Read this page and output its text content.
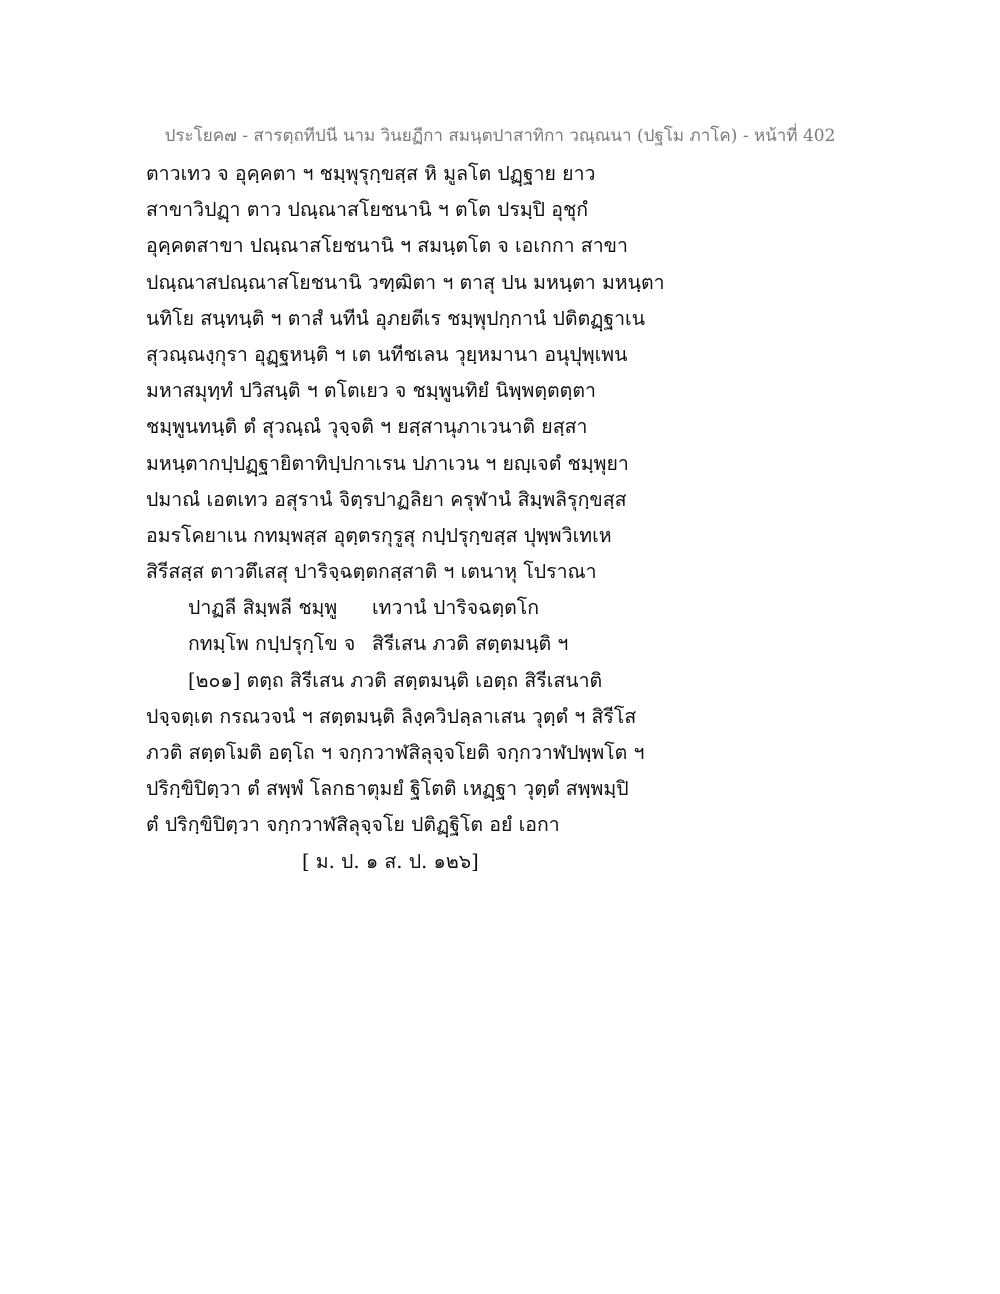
ประโยค๗ - สารตฺถทีปนี นาม วินยฏีกา สมนฺตปาสาทิกา วณฺณนา (ปฐโม ภาโค) - หน้าที่ 402
ตาวเทว จ อุคฺคตา ฯ ชมฺพุรุกฺขสฺส หิ มูลโต ปฏฺฐาย ยาว
สาขาวิปฏฺา ตาว ปณฺณาสโยชนานิ ฯ ตโต ปรมฺปิ อุชุกํ
อุคฺคตสาขา ปณฺณาสโยชนานิ ฯ สมนฺตโต จ เอเกกา สาขา
ปณฺณาสปณฺณาสโยชนานิ วฑฺฒิตา ฯ ตาสุ ปน มหนฺตา มหนฺตา
นทิโย สนฺทนฺติ ฯ ตาสํ นทีนํ อุภยตีเร ชมฺพุปกฺกานํ ปติตฏฺฐาเน
สุวณฺณงฺกุรา อุฏฺฐหนฺติ ฯ เต นทีชเลน วุยฺหมานา อนุปุพฺเพน
มหาสมุทฺทํ ปวิสนฺติ ฯ ตโตเยว จ ชมฺพูนทิยํ นิพฺพตฺตตฺตา
ชมฺพูนทนฺติ ตํ สุวณฺณํ วุจฺจติ ฯ ยสฺสานุภาเวนาติ ยสฺสา
มหนฺตากปฺปฏฺฐายิตาทิปฺปกาเรน ปภาเวน ฯ ยญฺเจตํ ชมฺพุยา
ปมาณํ เอตเทว อสุรานํ จิตฺรปาฏลิยา ครุฬานํ สิมฺพลิรุกฺขสฺส
อมรโคยาเน กทมฺพสฺส อุตฺตรกุรูสุ กปฺปรุกฺขสฺส ปุพฺพวิเทเห
สิรีสสฺส ตาวตึเสสุ ปาริจฺฉตฺตกสฺสาติ ฯ เตนาหุ โปราณา
ปาฏลี สิมฺพลี ชมฺพู	เทวานํ ปาริจฉตฺตโก
กทมฺโพ กปฺปรุกฺโข จ สิรีเสน ภวติ สตฺตมนฺติ ฯ
[๒๐๑] ตตฺถ สิรีเสน ภวติ สตฺตมนฺติ เอตฺถ สิรีเสนาติ
ปจฺจตฺเต กรณวจนํ ฯ สตฺตมนฺติ ลิงฺควิปลฺลาเสน วุตฺตํ ฯ สิรีโส
ภวติ สตฺตโมติ อตฺโถ ฯ จกฺกวาฬสิลุจฺจโยติ จกฺกวาฬปพฺพโต ฯ
ปริกฺขิปิตฺวา ตํ สพฺพํ โลกธาตุมยํ ฐิโตติ เหฏฺฐา วุตฺตํ สพฺพมฺปิ
ตํ ปริกฺขิปิตฺวา จกฺกวาฬสิลุจฺจโย ปติฏฺฐิโต อยํ เอกา
[ ม. ป. ๑ ส. ป. ๑๒๖]
